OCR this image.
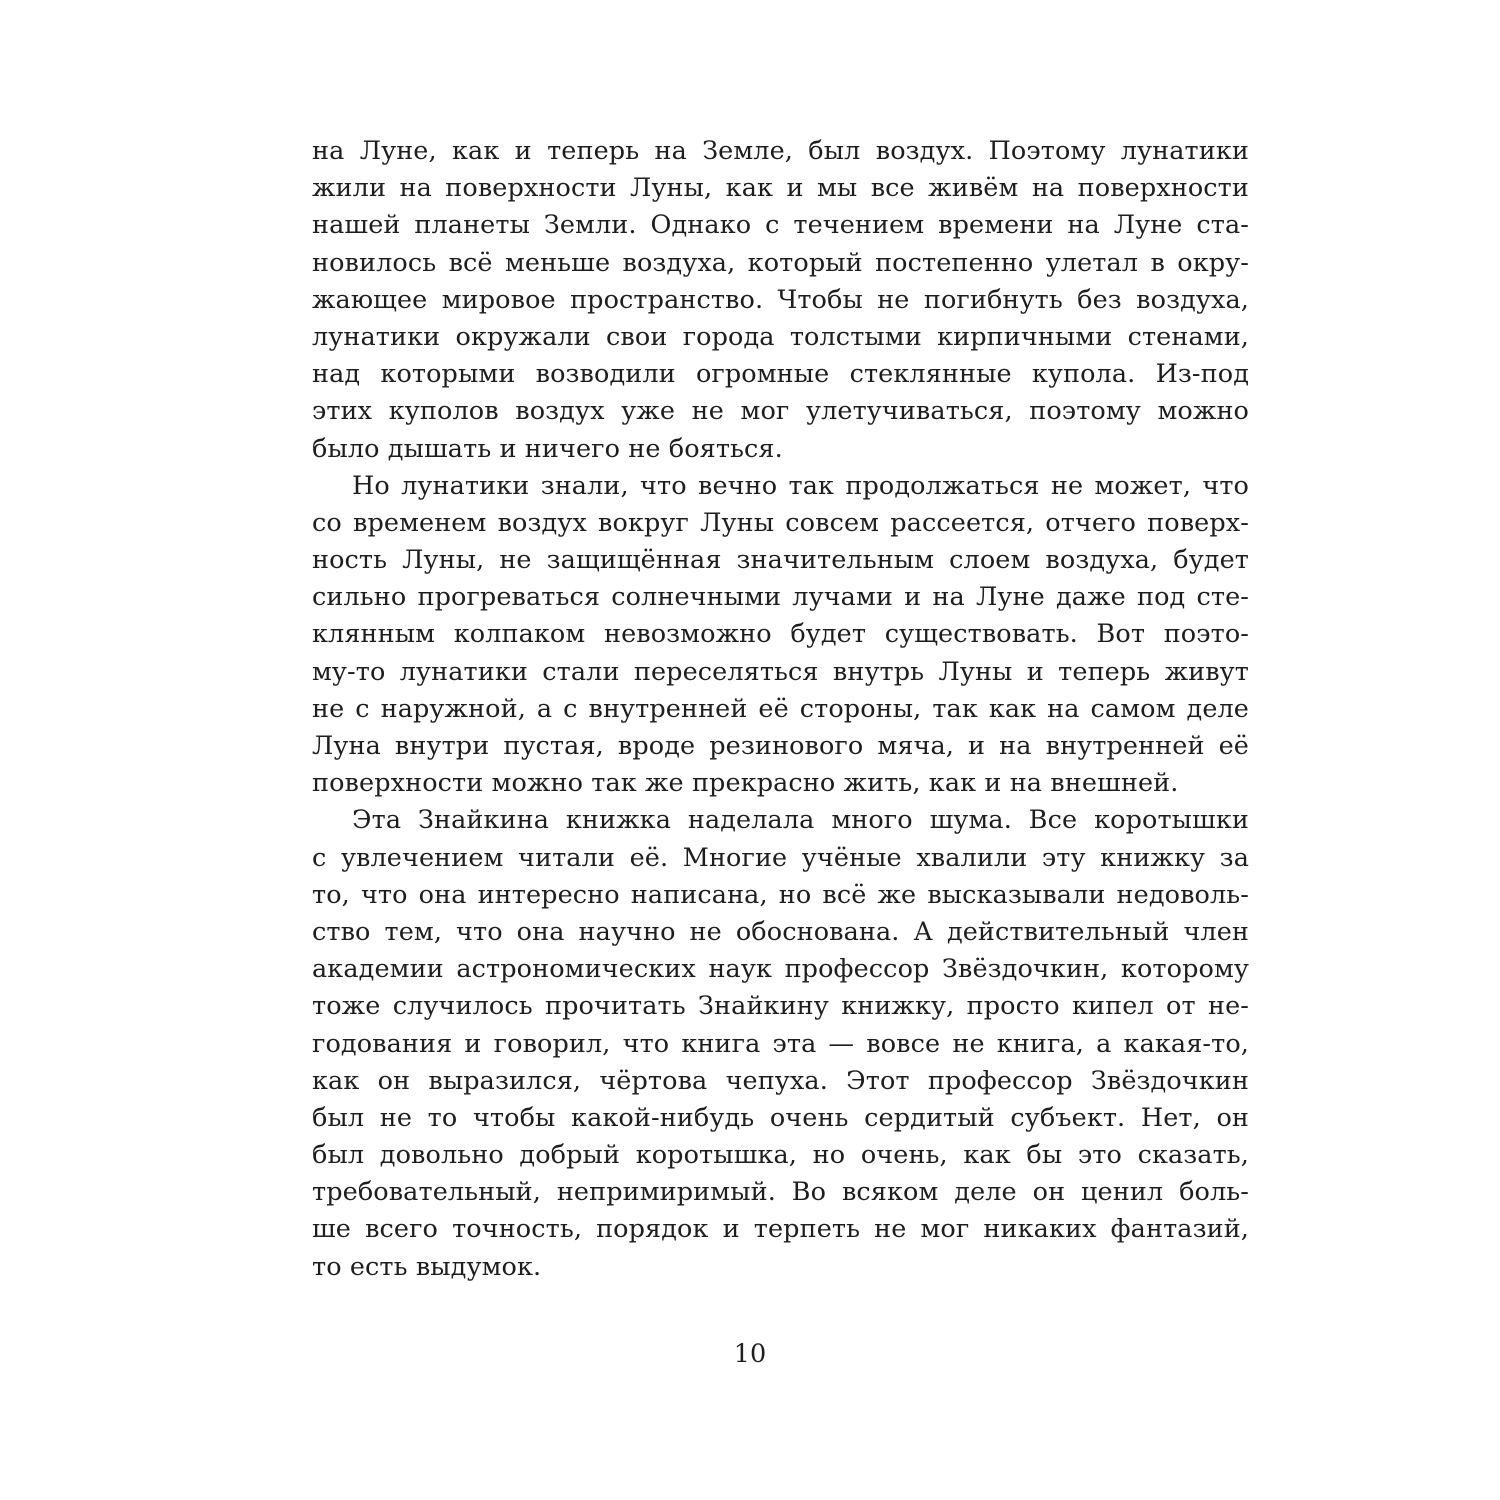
на Луне, как и теперь на Земле, был воздух. Поэтому лунатики
жили на поверхности Луны, как и мы все живём на поверхности
нашей планеты Земли. Однако с течением времени на Луне ста-
новилось всё меньше воздуха, который постепенно улетал в окру-
жающее мировое пространство. Чтобы не погибнуть без воздуха,
лунатики окружали свои города толстыми кирпичными стенами,
над которыми возводили огромные стеклянные купола. Из-под
этих куполов воздух уже не мог улетучиваться, поэтому можно
было дышать и ничего не бояться.
Но лунатики знали, что вечно так продолжаться не может, что
со временем воздух вокруг Луны совсем рассеется, отчего поверх-
ность Луны, не защищённая значительным слоем воздуха, будет
сильно прогреваться солнечными лучами и на Луне даже под сте-
клянным колпаком невозможно будет существовать. Вот поэто-
му-то лунатики стали переселяться внутрь Луны и теперь живут
не с наружной, а с внутренней её стороны, так как на самом деле
Луна внутри пустая, вроде резинового мяча, и на внутренней её
поверхности можно так же прекрасно жить, как и на внешней.
Эта Знайкина книжка наделала много шума. Все коротышки
с увлечением читали её. Многие учёные хвалили эту книжку за
то, что она интересно написана, но всё же высказывали недоволь-
ство тем, что она научно не обоснована. А действительный член
академии астрономических наук профессор Звёздочкин, которому
тоже случилось прочитать Знайкину книжку, просто кипел от не-
годования и говорил, что книга эта — вовсе не книга, а какая-то,
как он выразился, чёртова чепуха. Этот профессор Звёздочкин
был не то чтобы какой-нибудь очень сердитый субъект. Нет, он
был довольно добрый коротышка, но очень, как бы это сказать,
требовательный, непримиримый. Во всяком деле он ценил боль-
ше всего точность, порядок и терпеть не мог никаких фантазий,
то есть выдумок.
10
